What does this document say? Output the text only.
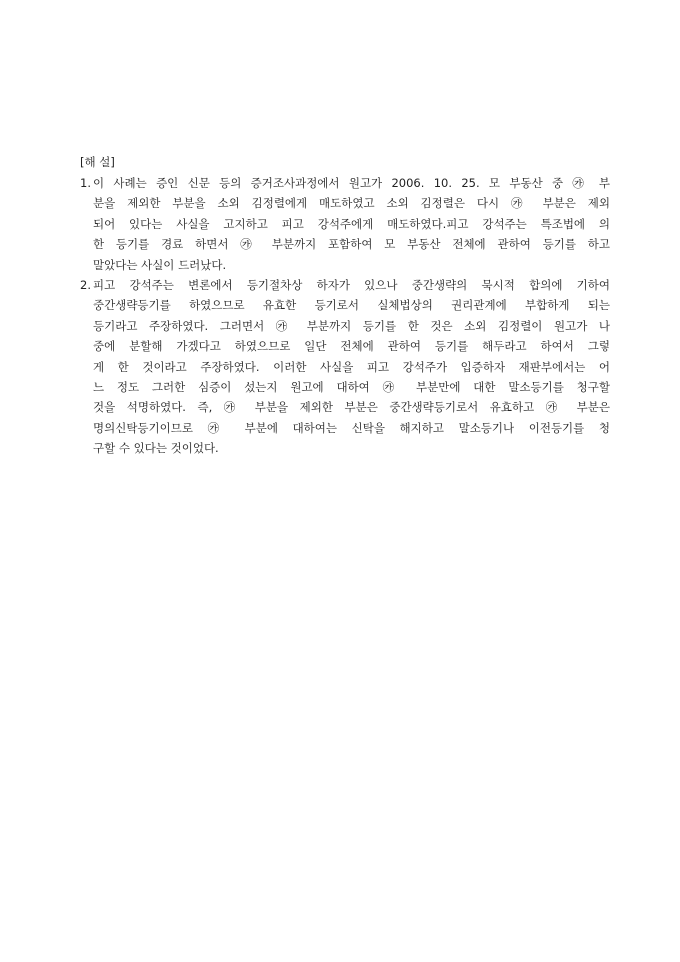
[해 설]
1. 이 사례는 증인 신문 등의 증거조사과정에서 원고가 2006. 10. 25. 모 부동산 중 ㉮ 부
분을 제외한 부분을 소외 김정렬에게 매도하였고 소외 김정렬은 다시 ㉮ 부분은 제외
되어 있다는 사실을 고지하고 피고 강석주에게 매도하였다.피고 강석주는 특조법에 의
한 등기를 경료 하면서 ㉮ 부분까지 포함하여 모 부동산 전체에 관하여 등기를 하고
말았다는 사실이 드러났다.
2. 피고 강석주는 변론에서 등기절차상 하자가 있으나 중간생략의 묵시적 합의에 기하여
중간생략등기를 하였으므로 유효한 등기로서 실체법상의 권리관계에 부합하게 되는
등기라고 주장하였다. 그러면서 ㉮ 부분까지 등기를 한 것은 소외 김정렬이 원고가 나
중에 분할해 가겠다고 하였으므로 일단 전체에 관하여 등기를 해두라고 하여서 그렇
게 한 것이라고 주장하였다. 이러한 사실을 피고 강석주가 입증하자 재판부에서는 어
느 정도 그러한 심증이 섰는지 원고에 대하여 ㉮ 부분만에 대한 말소등기를 청구할
것을 석명하였다. 즉, ㉮ 부분을 제외한 부분은 중간생략등기로서 유효하고 ㉮ 부분은
명의신탁등기이므로 ㉮ 부분에 대하여는 신탁을 해지하고 말소등기나 이전등기를 청
구할 수 있다는 것이었다.
